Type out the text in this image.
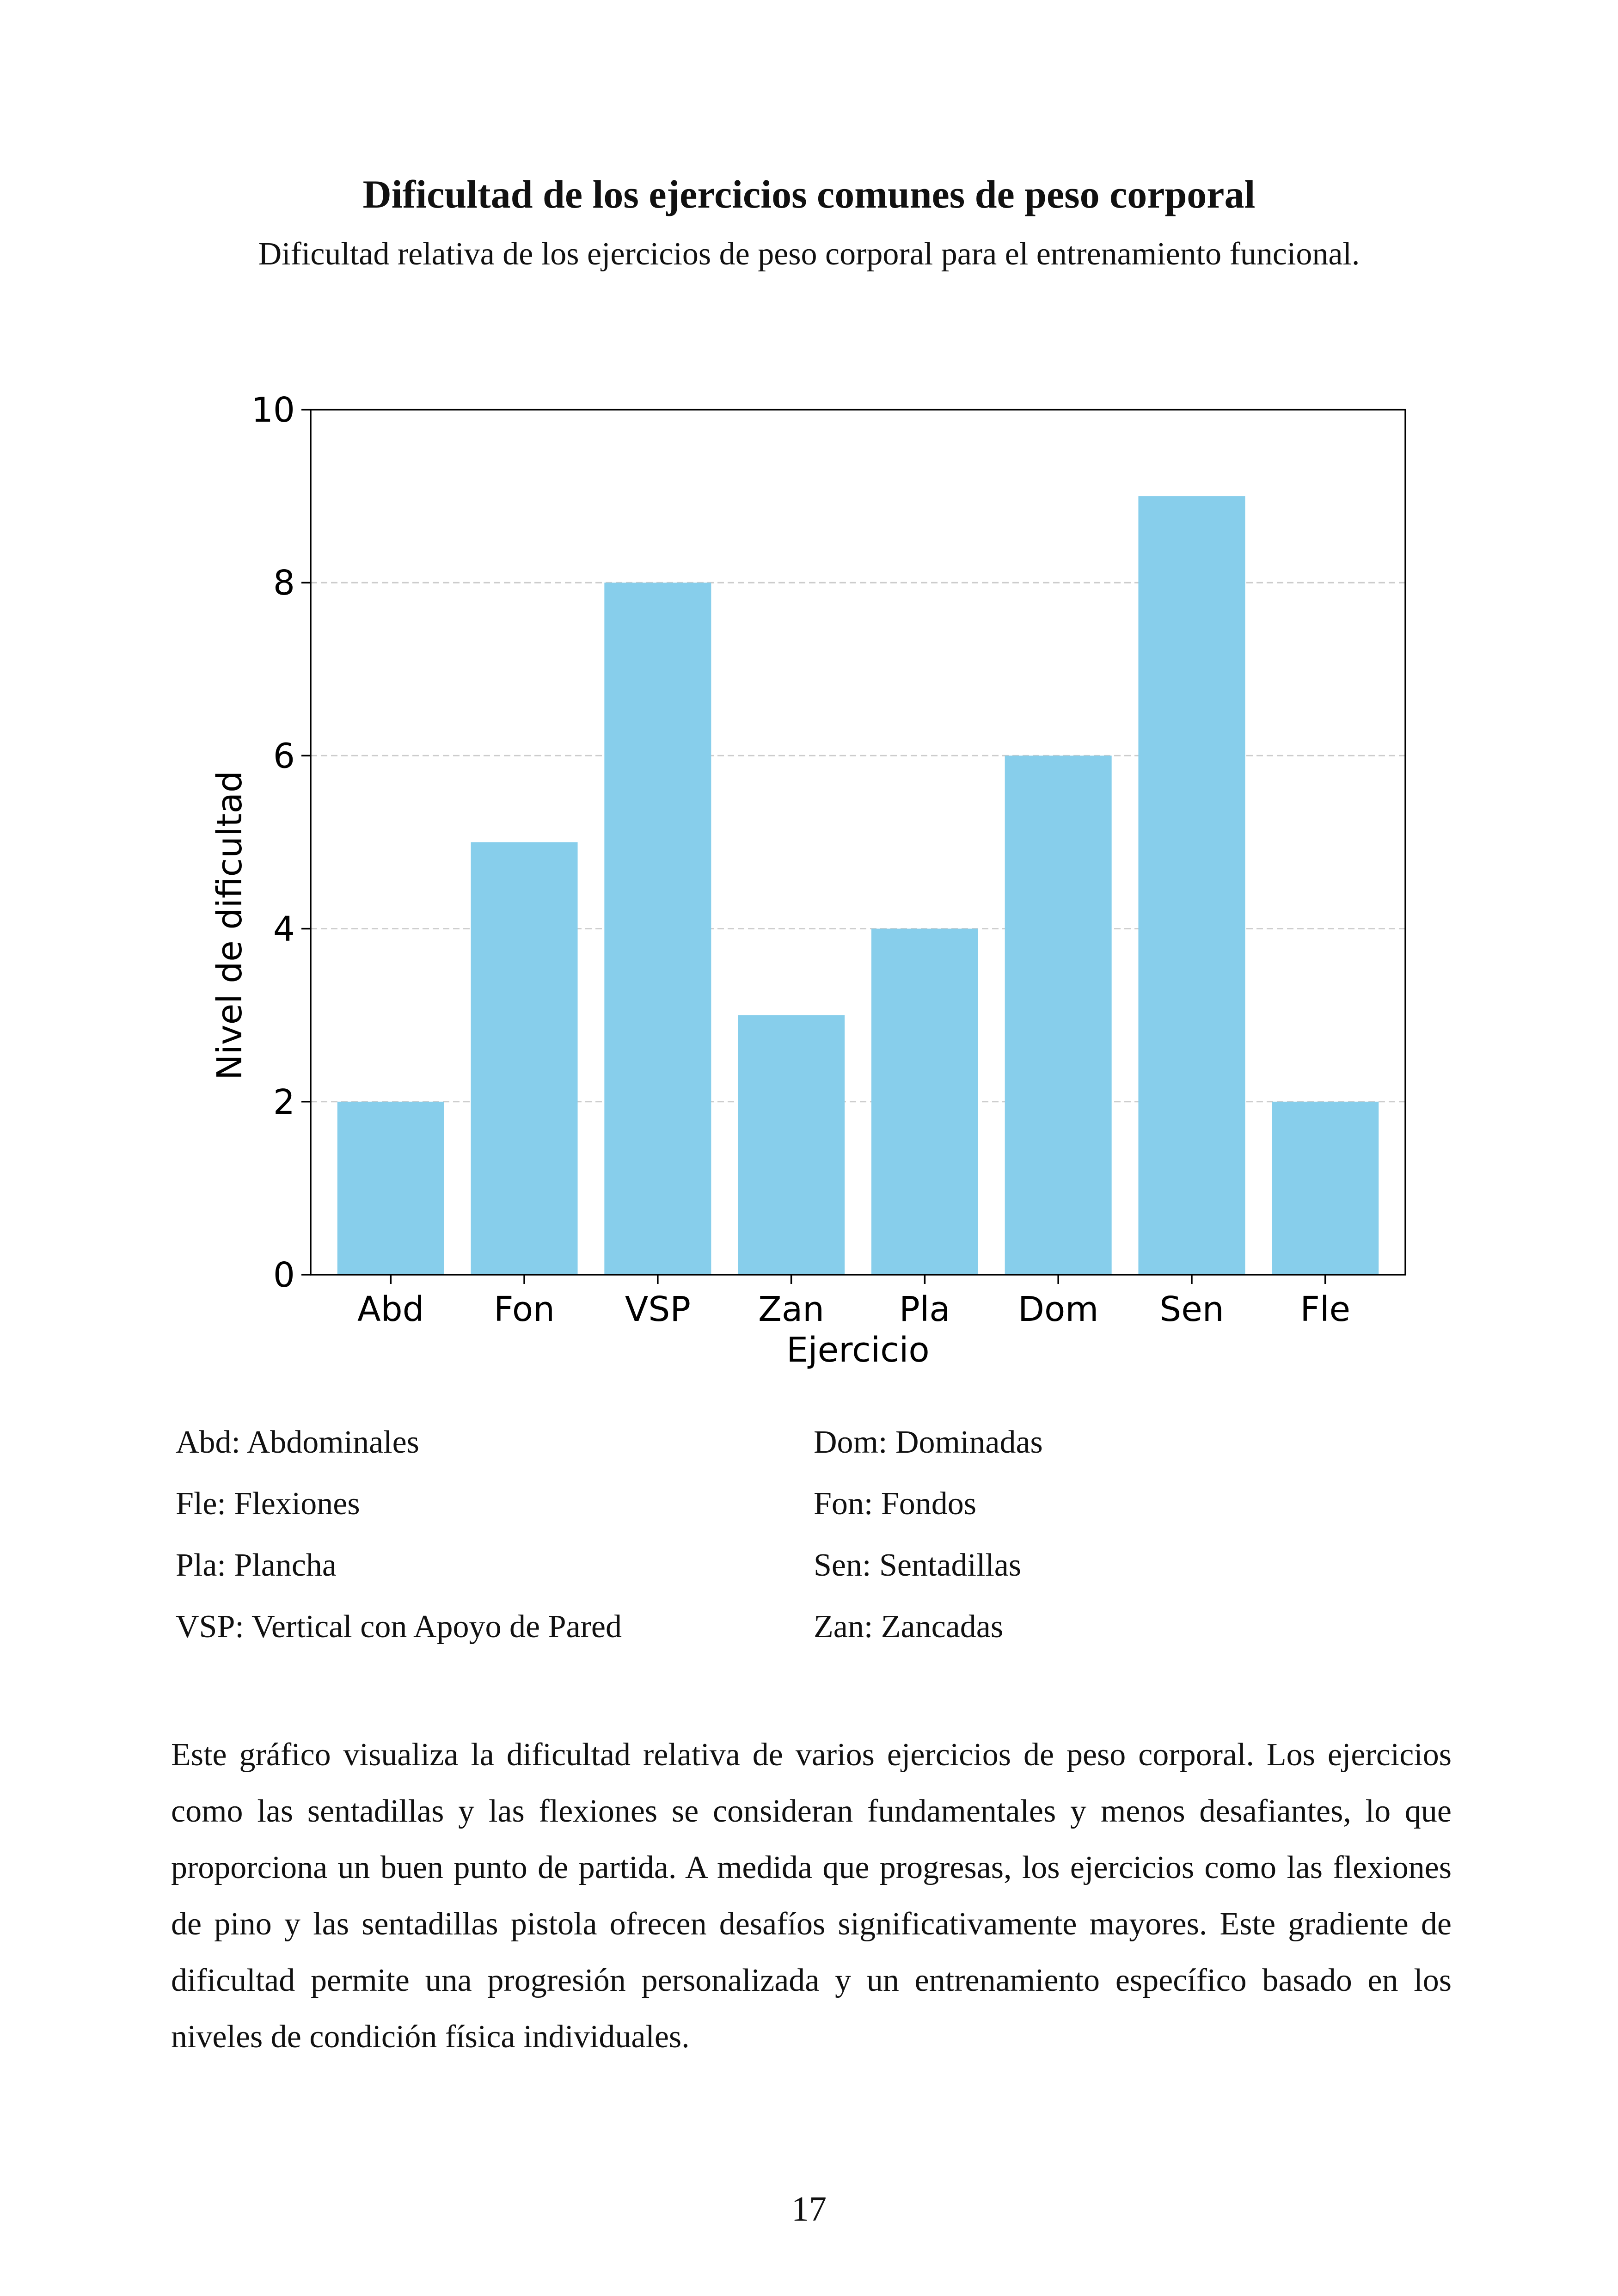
Dificultad de los ejercicios comunes de peso corporal
Dificultad relativa de los ejercicios de peso corporal para el entrenamiento funcional.
0
2
4
6
8
10
Abd Fon VSP Zan Pla Dom Sen Fle
Ejercicio
Nivel de dificultad
Abd: Abdominales
Fle: Flexiones
Pla: Plancha
VSP: Vertical con Apoyo de Pared
Dom: Dominadas
Fon: Fondos
Sen: Sentadillas
Zan: Zancadas
Este gráfico visualiza la dificultad relativa de varios ejercicios de peso corporal. Los ejercicios como las sentadillas y las flexiones se consideran fundamentales y menos desafiantes, lo que proporciona un buen punto de partida. A medida que progresas, los ejercicios como las flexiones de pino y las sentadillas pistola ofrecen desafíos significativamente mayores. Este gradiente de dificultad permite una progresión personalizada y un entrenamiento específico basado en los niveles de condición física individuales.
17
